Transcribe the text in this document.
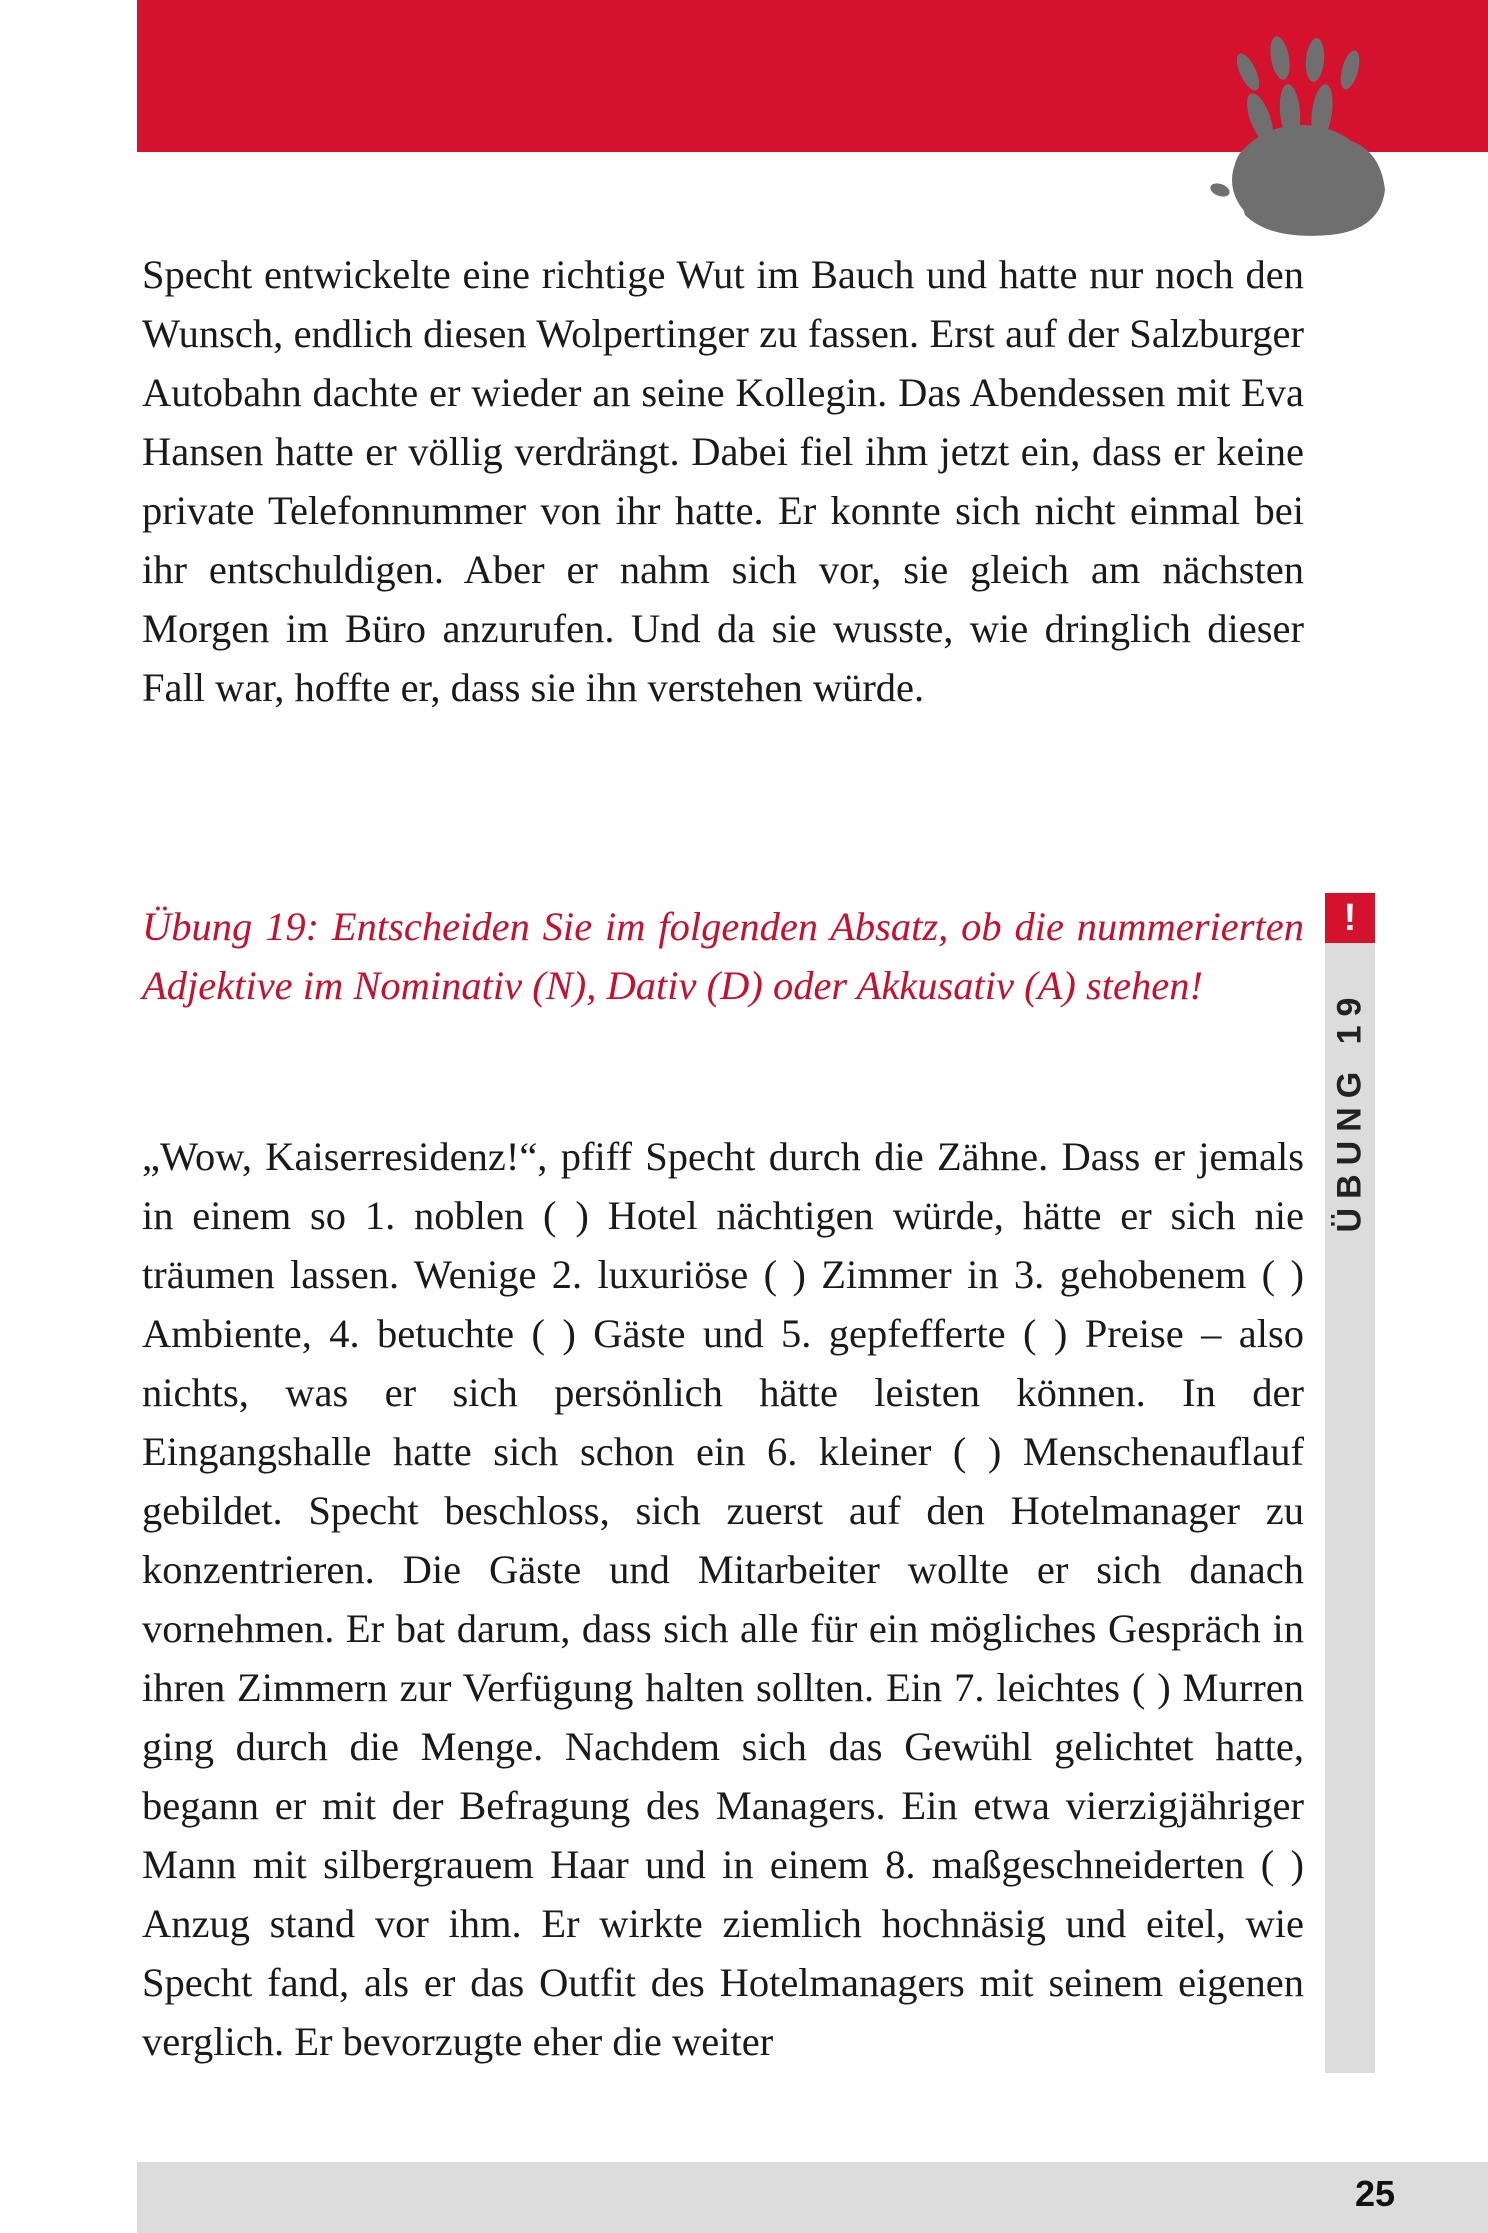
Specht entwickelte eine richtige Wut im Bauch und hatte nur noch den Wunsch, endlich diesen Wolpertinger zu fassen. Erst auf der Salzburger Autobahn dachte er wieder an seine Kollegin. Das Abendessen mit Eva Hansen hatte er völlig verdrängt. Dabei fiel ihm jetzt ein, dass er keine private Telefonnummer von ihr hatte. Er konnte sich nicht einmal bei ihr entschuldigen. Aber er nahm sich vor, sie gleich am nächsten Morgen im Büro anzurufen. Und da sie wusste, wie dringlich dieser Fall war, hoffte er, dass sie ihn verstehen würde.

Übung 19: Entscheiden Sie im folgenden Absatz, ob die nummerierten Adjektive im Nominativ (N), Dativ (D) oder Akkusativ (A) stehen!

„Wow, Kaiserresidenz!“, pfiff Specht durch die Zähne. Dass er jemals in einem so 1. noblen ( ) Hotel nächtigen würde, hätte er sich nie träumen lassen. Wenige 2. luxuriöse ( ) Zimmer in 3. gehobenem ( ) Ambiente, 4. betuchte ( ) Gäste und 5. gepfefferte ( ) Preise – also nichts, was er sich persönlich hätte leisten können. In der Eingangshalle hatte sich schon ein 6. kleiner ( ) Menschenauflauf gebildet. Specht beschloss, sich zuerst auf den Hotelmanager zu konzentrieren. Die Gäste und Mitarbeiter wollte er sich danach vornehmen. Er bat darum, dass sich alle für ein mögliches Gespräch in ihren Zimmern zur Verfügung halten sollten. Ein 7. leichtes ( ) Murren ging durch die Menge. Nachdem sich das Gewühl gelichtet hatte, begann er mit der Befragung des Managers. Ein etwa vierzigjähriger Mann mit silbergrauem Haar und in einem 8. maßgeschneiderten ( ) Anzug stand vor ihm. Er wirkte ziemlich hochnäsig und eitel, wie Specht fand, als er das Outfit des Hotelmanagers mit seinem eigenen verglich. Er bevorzugte eher die weiter

!
ÜBUNG 19
25
